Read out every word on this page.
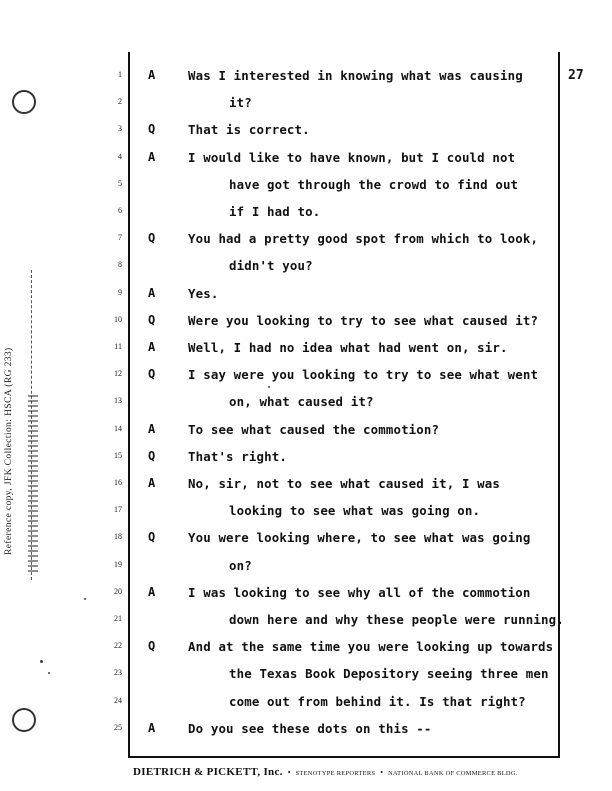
Reference copy, JFK Collection: HSCA (RG 233)
27
1 A	Was I interested in knowing what was causing
2	it?
3 Q	That is correct.
4 A	I would like to have known, but I could not
5	have got through the crowd to find out
6	if I had to.
7 Q	You had a pretty good spot from which to look,
8	didn't you?
9 A	Yes.
10 Q	Were you looking to try to see what caused it?
11 A	Well, I had no idea what had went on, sir.
12 Q	I say were you looking to try to see what went
13	on, what caused it?
14 A	To see what caused the commotion?
15 Q	That's right.
16 A	No, sir, not to see what caused it, I was
17	looking to see what was going on.
18 Q	You were looking where, to see what was going
19	on?
20 A	I was looking to see why all of the commotion
21	down here and why these people were running.
22 Q	And at the same time you were looking up towards
23	the Texas Book Depository seeing three men
24	come out from behind it. Is that right?
25 A	Do you see these dots on this --
DIETRICH & PICKETT, Inc. • STENOTYPE REPORTERS • NATIONAL BANK OF COMMERCE BLDG.
